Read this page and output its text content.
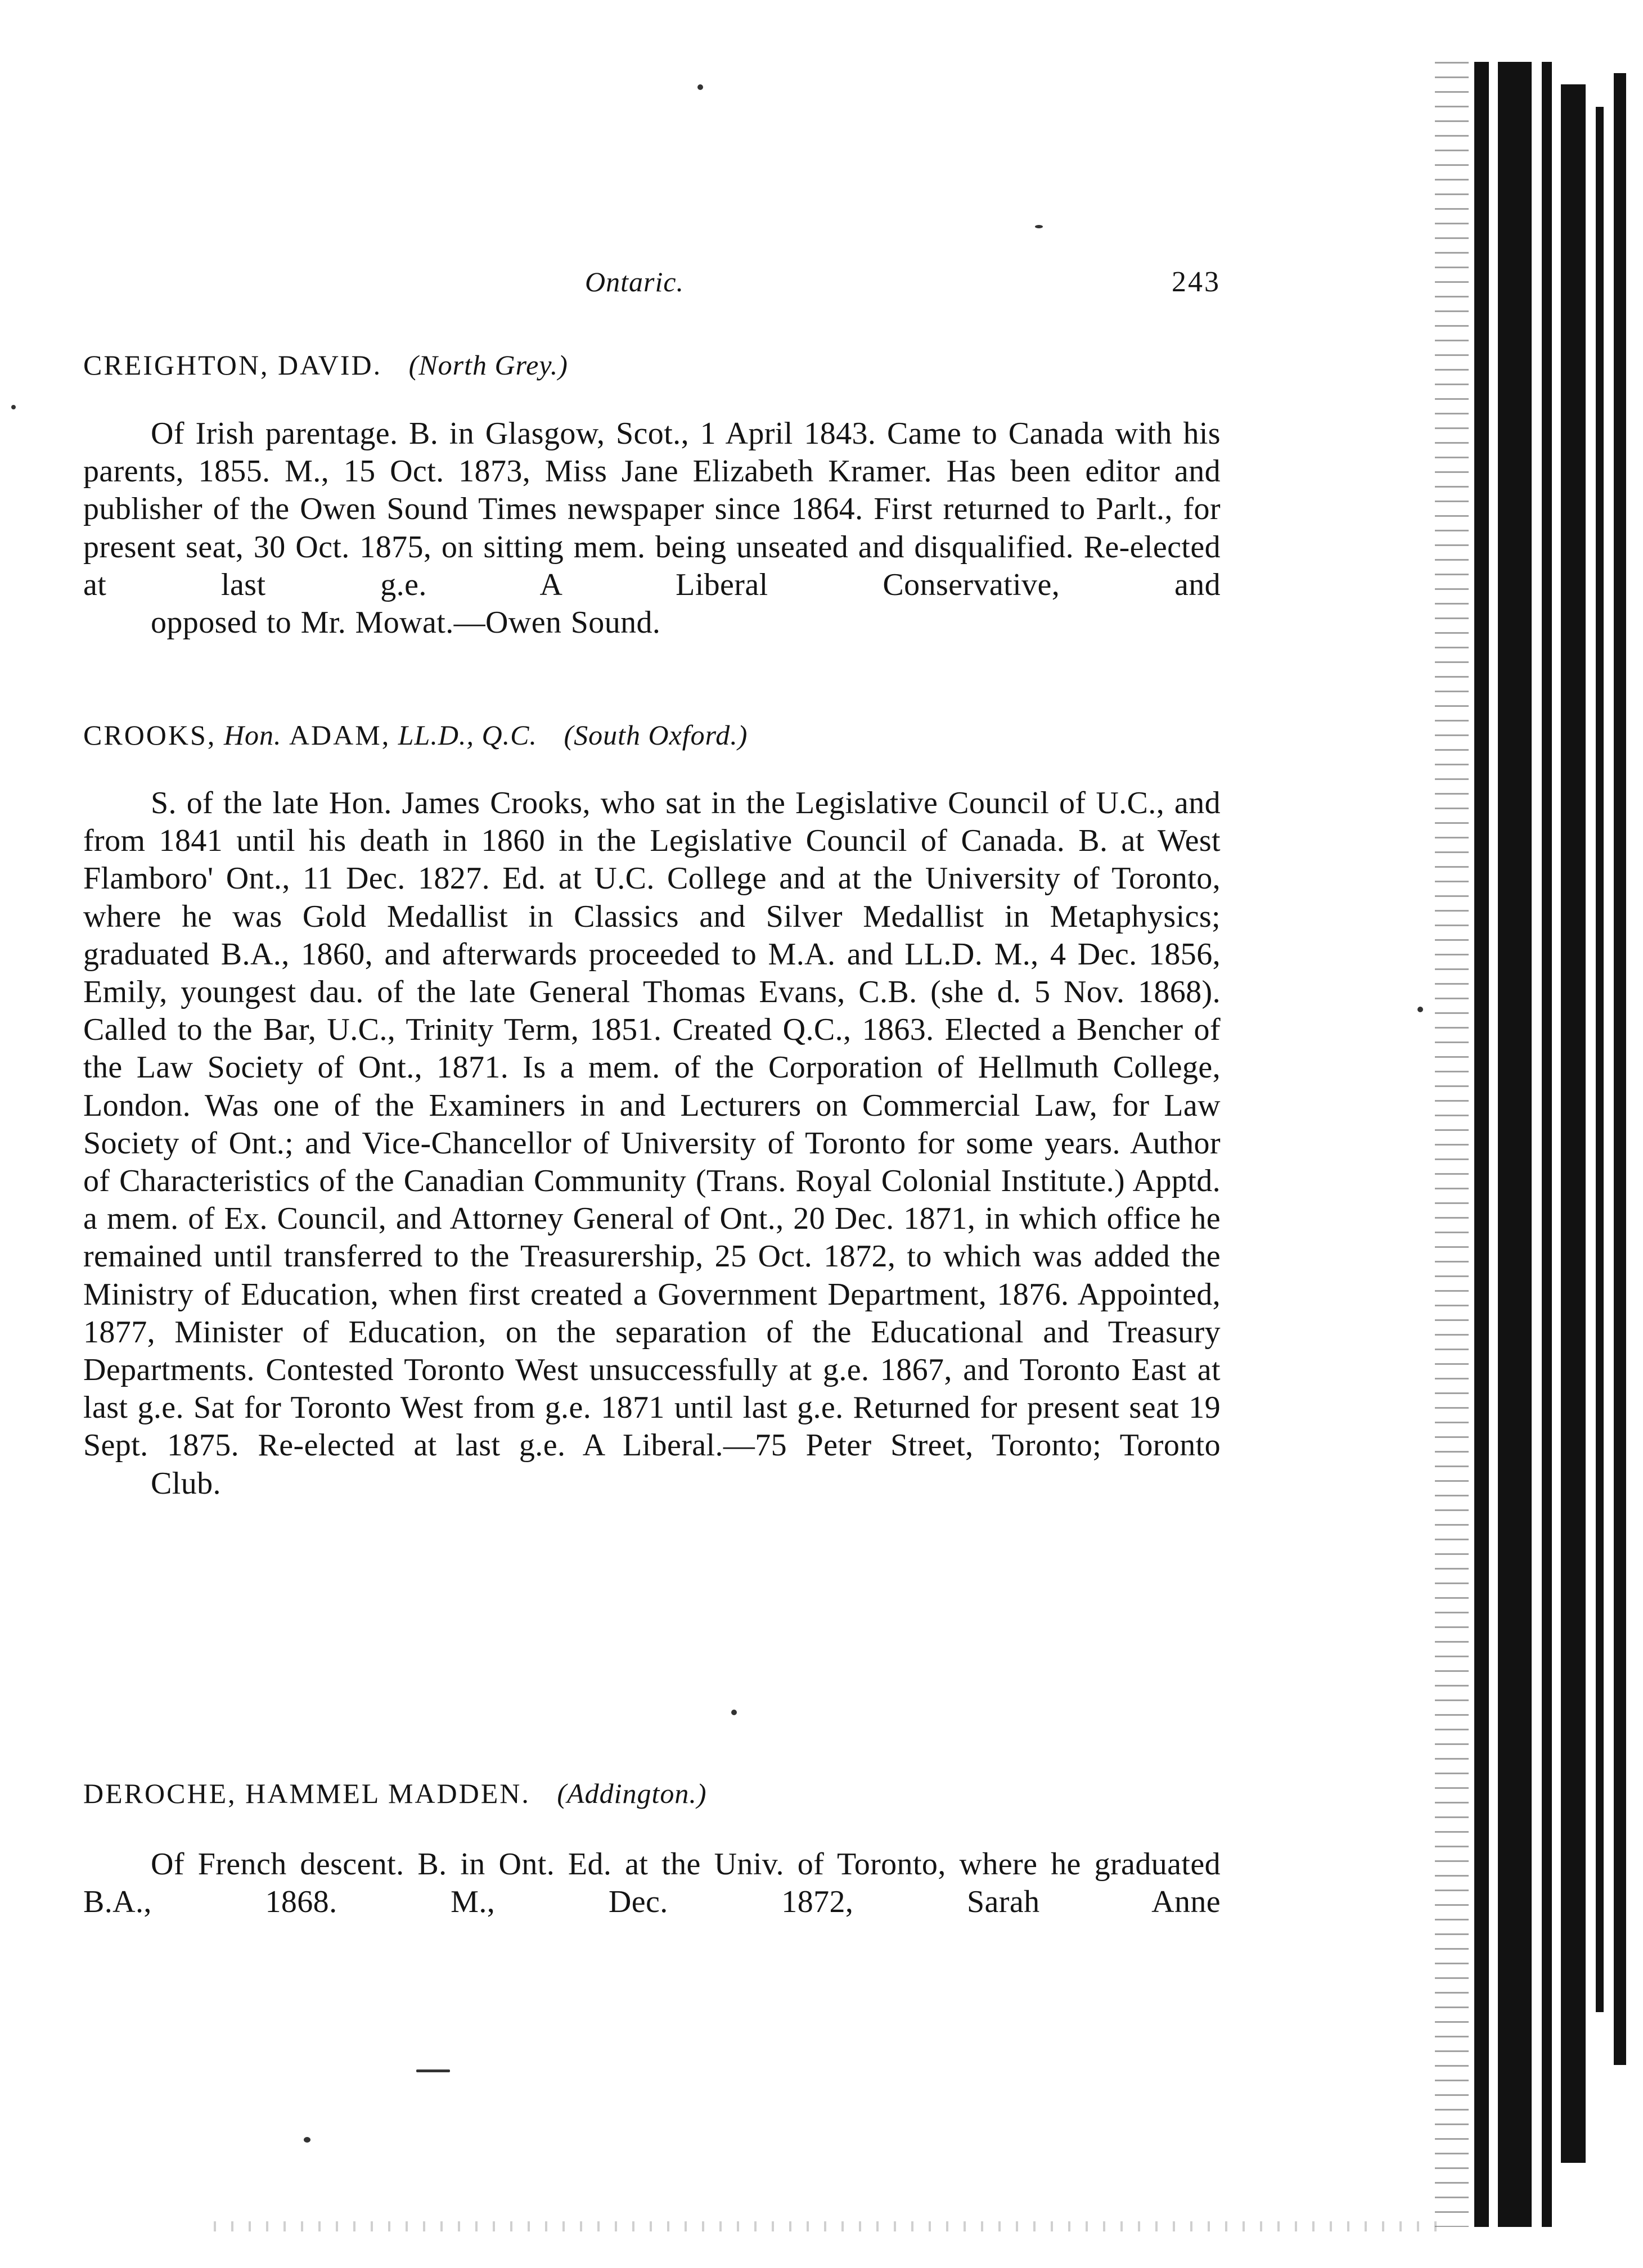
Ontaric.	243
CREIGHTON, DAVID. (North Grey.)
Of Irish parentage. B. in Glasgow, Scot., 1 April 1843. Came to Canada with his parents, 1855. M., 15 Oct. 1873, Miss Jane Elizabeth Kramer. Has been editor and publisher of the Owen Sound Times newspaper since 1864. First returned to Parlt., for present seat, 30 Oct. 1875, on sitting mem. being unseated and disqualified. Re-elected at last g.e. A Liberal Conservative, and
opposed to Mr. Mowat.—Owen Sound.
CROOKS, Hon. ADAM, LL.D., Q.C. (South Oxford.)
S. of the late Hon. James Crooks, who sat in the Legislative Council of U.C., and from 1841 until his death in 1860 in the Legislative Council of Canada. B. at West Flamboro' Ont., 11 Dec. 1827. Ed. at U.C. College and at the University of Toronto, where he was Gold Medallist in Classics and Silver Medallist in Metaphysics; graduated B.A., 1860, and afterwards proceeded to M.A. and LL.D. M., 4 Dec. 1856, Emily, youngest dau. of the late General Thomas Evans, C.B. (she d. 5 Nov. 1868). Called to the Bar, U.C., Trinity Term, 1851. Created Q.C., 1863. Elected a Bencher of the Law Society of Ont., 1871. Is a mem. of the Corporation of Hellmuth College, London. Was one of the Examiners in and Lecturers on Commercial Law, for Law Society of Ont.; and Vice-Chancellor of University of Toronto for some years. Author of Characteristics of the Canadian Community (Trans. Royal Colonial Institute.) Apptd. a mem. of Ex. Council, and Attorney General of Ont., 20 Dec. 1871, in which office he remained until transferred to the Treasurership, 25 Oct. 1872, to which was added the Ministry of Education, when first created a Government Department, 1876. Appointed, 1877, Minister of Education, on the separation of the Educational and Treasury Departments. Contested Toronto West unsuccessfully at g.e. 1867, and Toronto East at last g.e. Sat for Toronto West from g.e. 1871 until last g.e. Returned for present seat 19 Sept. 1875. Re-elected at last g.e. A Liberal.—75 Peter Street, Toronto; Toronto
Club.
DEROCHE, HAMMEL MADDEN. (Addington.)
Of French descent. B. in Ont. Ed. at the Univ. of Toronto, where he graduated B.A., 1868. M., Dec. 1872, Sarah Anne
